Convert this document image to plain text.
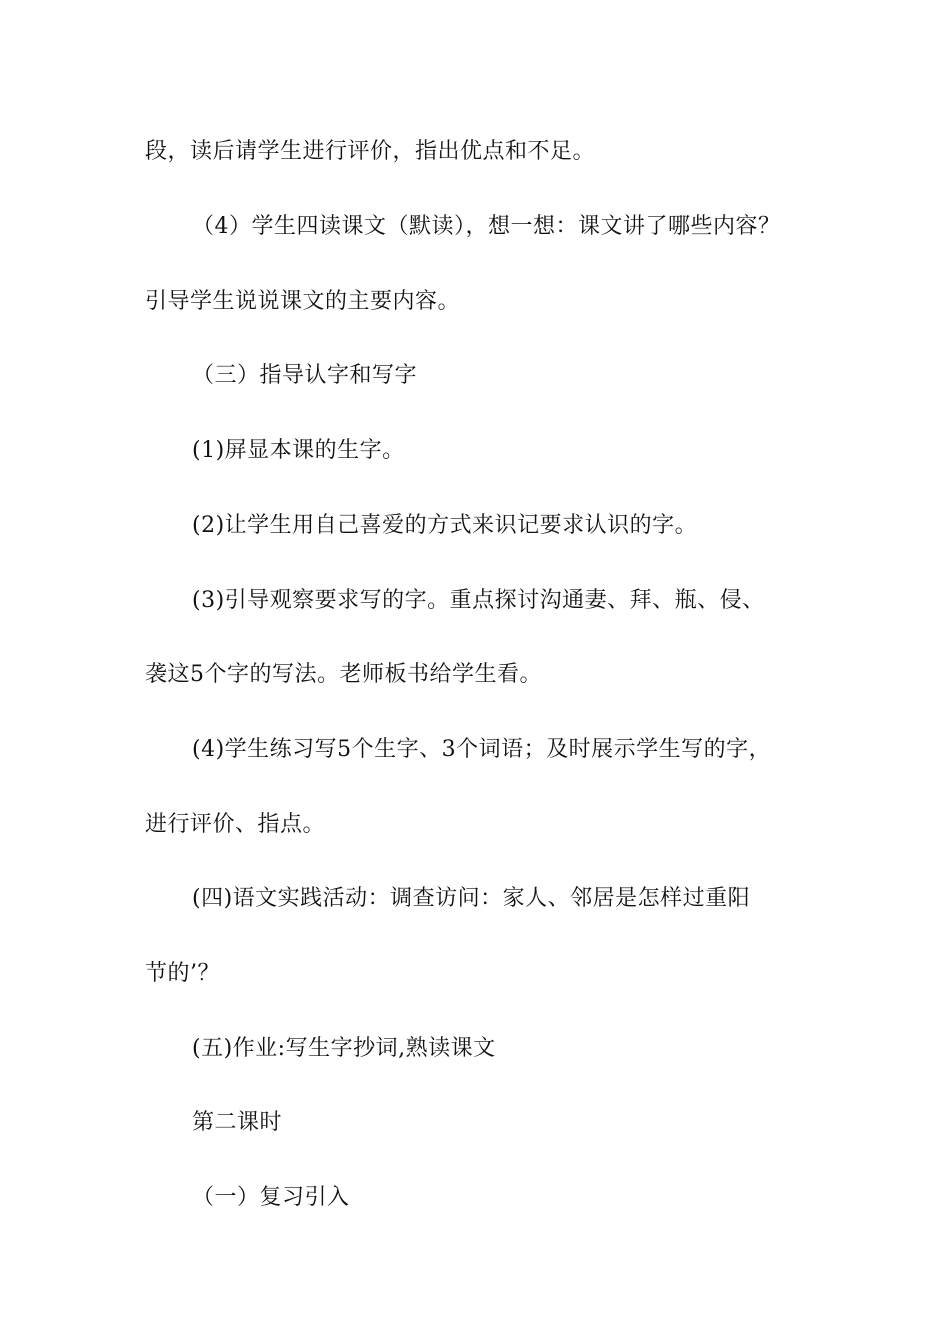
段，读后请学生进行评价，指出优点和不足。
（4）学生四读课文（默读），想一想：课文讲了哪些内容？
引导学生说说课文的主要内容。
（三）指导认字和写字
(1)屏显本课的生字。
(2)让学生用自己喜爱的方式来识记要求认识的字。
(3)引导观察要求写的字。重点探讨沟通妻、拜、瓶、侵、
袭这5个字的写法。老师板书给学生看。
(4)学生练习写5个生字、3个词语；及时展示学生写的字，
进行评价、指点。
(四)语文实践活动：调查访问：家人、邻居是怎样过重阳
节的’？
(五)作业:写生字抄词,熟读课文
第二课时
（一）复习引入
